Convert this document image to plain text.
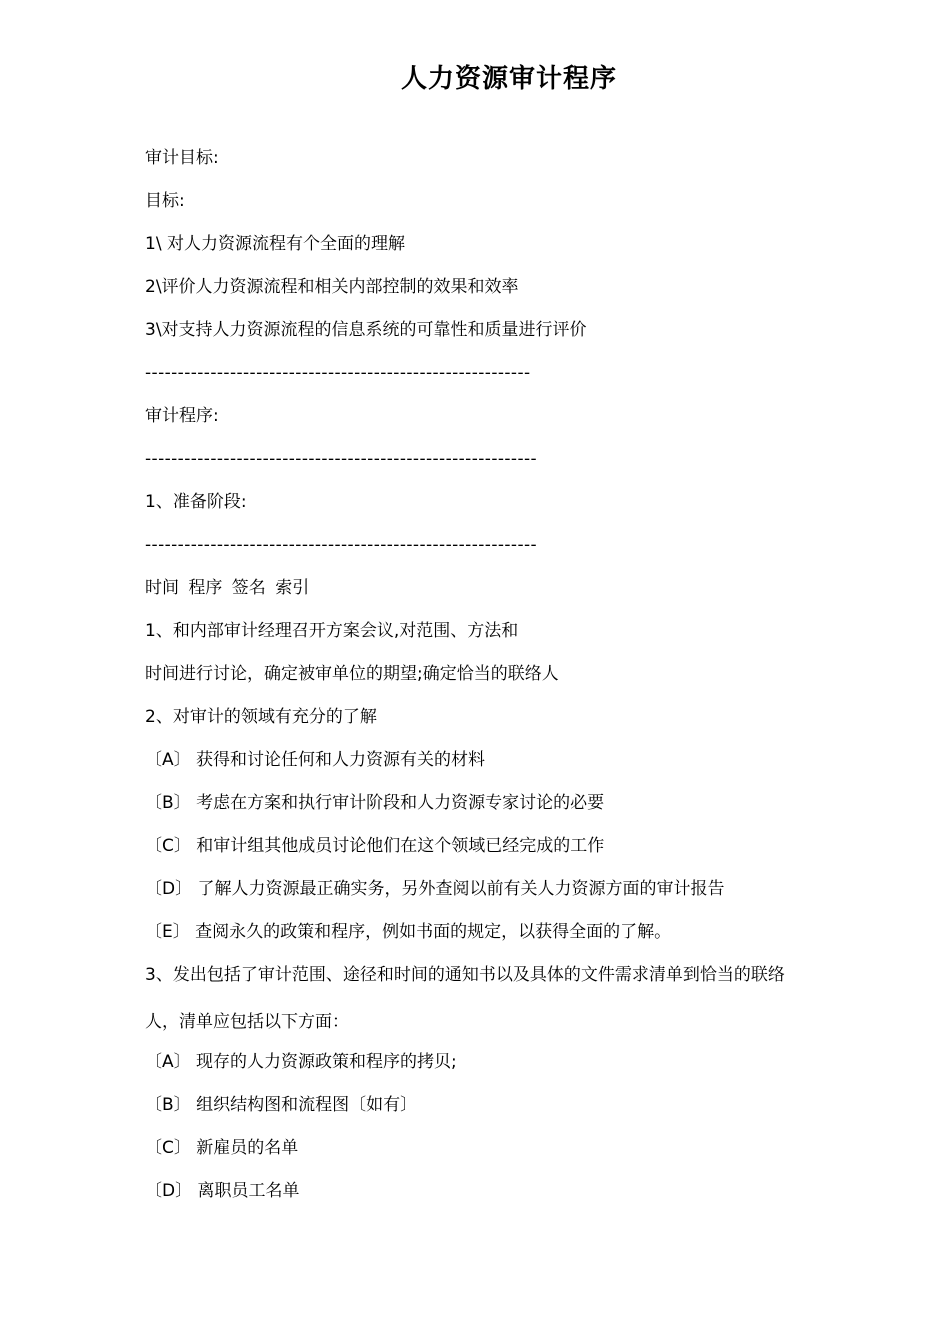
人力资源审计程序
审计目标:
目标:
1\ 对人力资源流程有个全面的理解
2\评价人力资源流程和相关内部控制的效果和效率
3\对支持人力资源流程的信息系统的可靠性和质量进行评价
-----------------------------------------------------------
审计程序:
------------------------------------------------------------
1、准备阶段:
------------------------------------------------------------
时间 程序 签名 索引
1、和内部审计经理召开方案会议,对范围、方法和
时间进行讨论，确定被审单位的期望;确定恰当的联络人
2、对审计的领域有充分的了解
〔A〕 获得和讨论任何和人力资源有关的材料
〔B〕 考虑在方案和执行审计阶段和人力资源专家讨论的必要
〔C〕 和审计组其他成员讨论他们在这个领域已经完成的工作
〔D〕 了解人力资源最正确实务，另外查阅以前有关人力资源方面的审计报告
〔E〕 查阅永久的政策和程序，例如书面的规定，以获得全面的了解。
3、发出包括了审计范围、途径和时间的通知书以及具体的文件需求清单到恰当的联络
人，清单应包括以下方面：
〔A〕 现存的人力资源政策和程序的拷贝;
〔B〕 组织结构图和流程图〔如有〕
〔C〕 新雇员的名单
〔D〕 离职员工名单
